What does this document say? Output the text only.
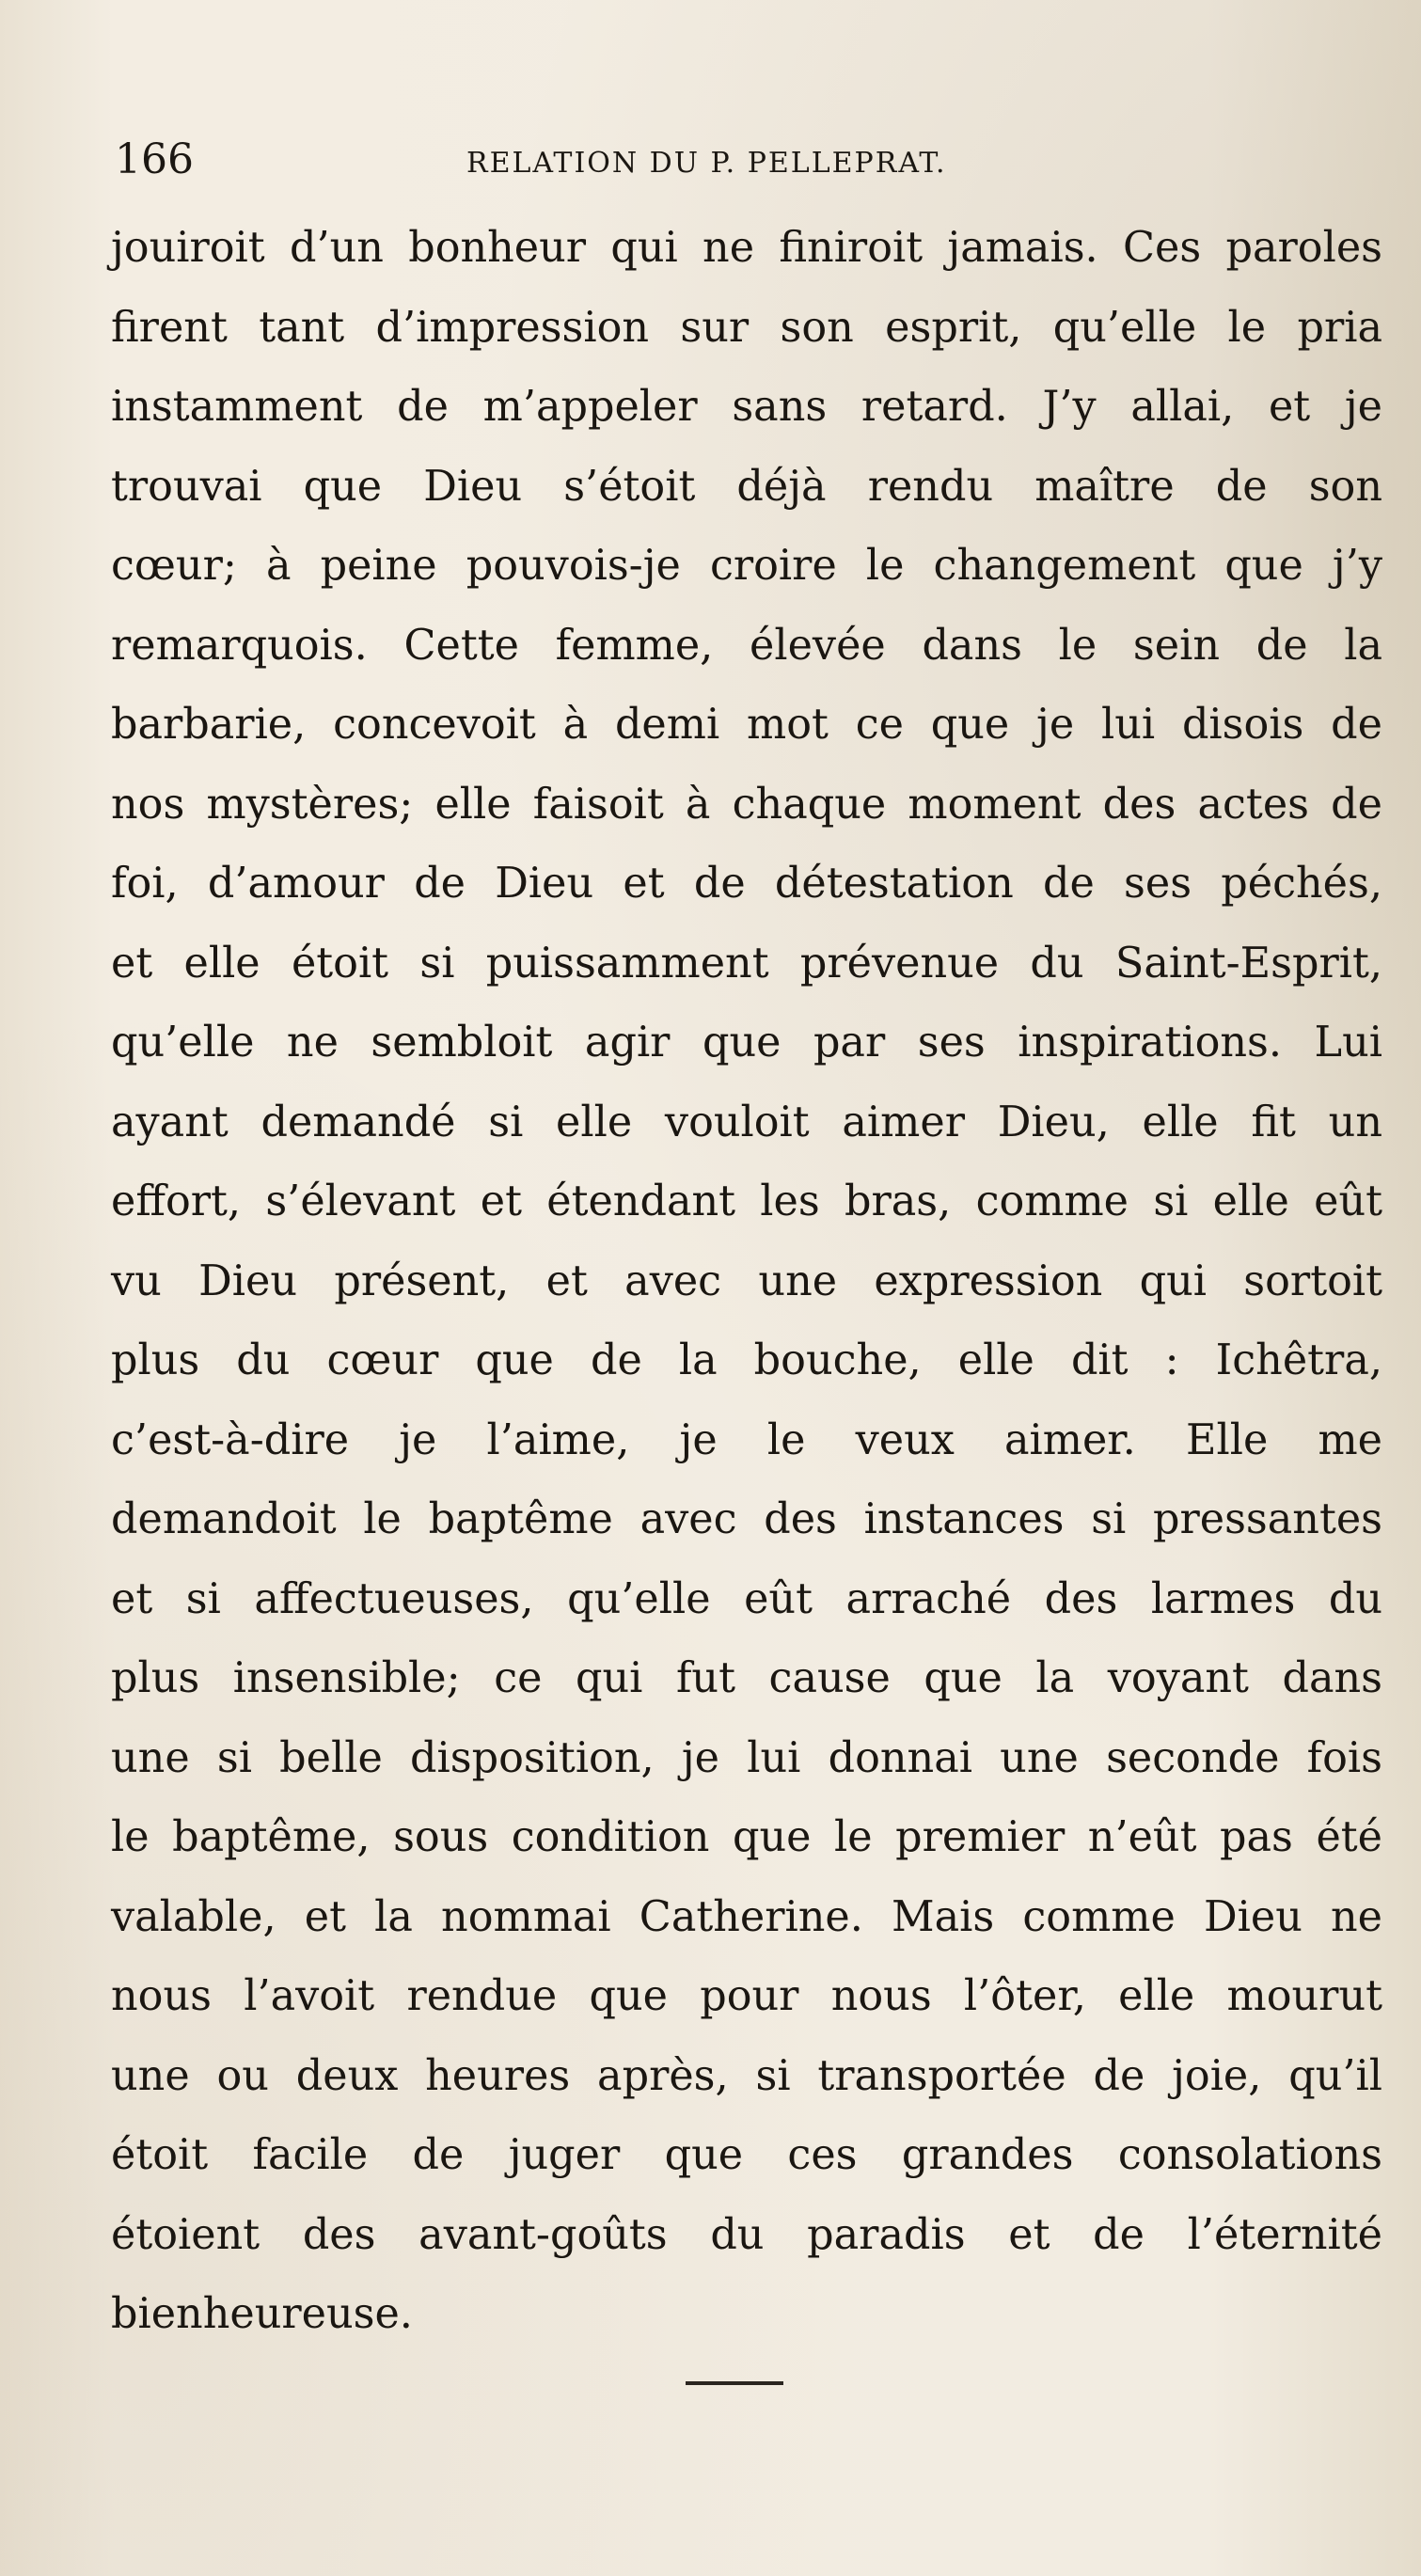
166	RELATION DU P. PELLEPRAT.
jouiroit d’un bonheur qui ne finiroit jamais. Ces paroles
firent tant d’impression sur son esprit, qu’elle le pria
instamment de m’appeler sans retard. J’y allai, et je
trouvai que Dieu s’étoit déjà rendu maître de son
cœur; à peine pouvois-je croire le changement que j’y
remarquois. Cette femme, élevée dans le sein de la
barbarie, concevoit à demi mot ce que je lui disois de
nos mystères; elle faisoit à chaque moment des actes de
foi, d’amour de Dieu et de détestation de ses péchés,
et elle étoit si puissamment prévenue du Saint-Esprit,
qu’elle ne sembloit agir que par ses inspirations. Lui
ayant demandé si elle vouloit aimer Dieu, elle fit un
effort, s’élevant et étendant les bras, comme si elle eût
vu Dieu présent, et avec une expression qui sortoit
plus du cœur que de la bouche, elle dit : Ichêtra,
c’est-à-dire je l’aime, je le veux aimer. Elle me
demandoit le baptême avec des instances si pressantes
et si affectueuses, qu’elle eût arraché des larmes du
plus insensible; ce qui fut cause que la voyant dans
une si belle disposition, je lui donnai une seconde fois
le baptême, sous condition que le premier n’eût pas été
valable, et la nommai Catherine. Mais comme Dieu ne
nous l’avoit rendue que pour nous l’ôter, elle mourut
une ou deux heures après, si transportée de joie, qu’il
étoit facile de juger que ces grandes consolations
étoient des avant-goûts du paradis et de l’éternité
bienheureuse.
